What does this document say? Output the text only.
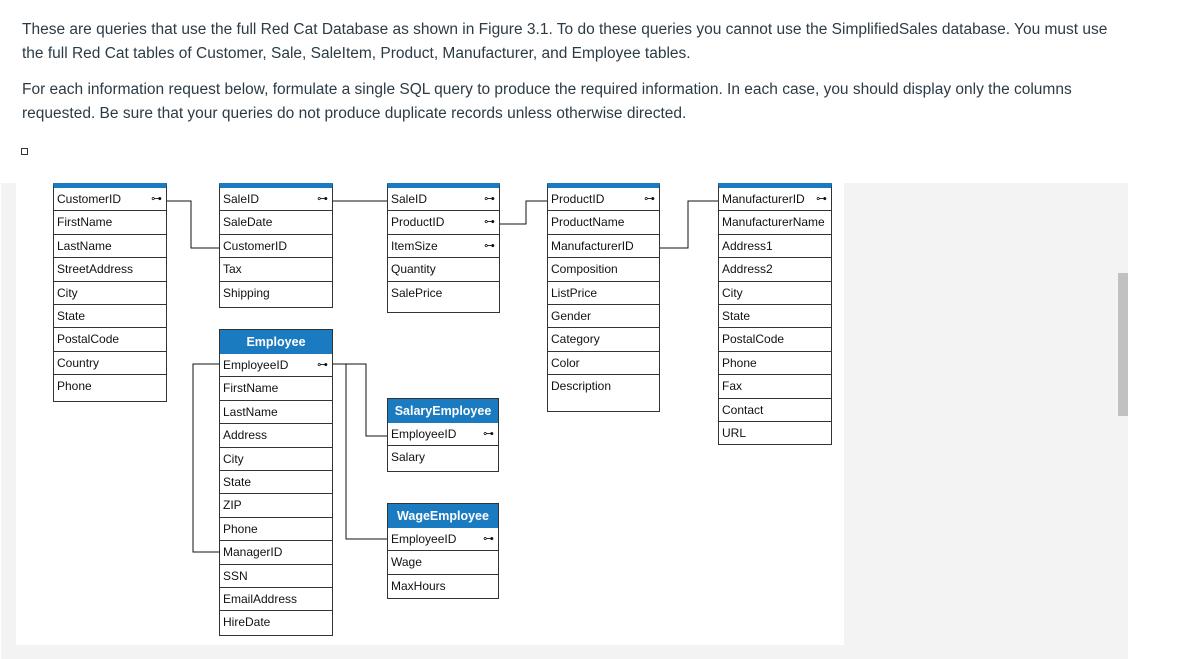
These are queries that use the full Red Cat Database as shown in Figure 3.1. To do these queries you cannot use the SimplifiedSales database. You must use the full Red Cat tables of Customer, Sale, SaleItem, Product, Manufacturer, and Employee tables.

For each information request below, formulate a single SQL query to produce the required information. In each case, you should display only the columns requested. Be sure that your queries do not produce duplicate records unless otherwise directed.

CustomerID	⊶
FirstName
LastName
StreetAddress
City
State
PostalCode
Country
Phone
SaleID	⊶
SaleDate
CustomerID
Tax
Shipping
SaleID	⊶
ProductID	⊶
ItemSize	⊶
Quantity
SalePrice
ProductID	⊶
ProductName
ManufacturerID
Composition
ListPrice
Gender
Category
Color
Description
ManufacturerID ⊶
ManufacturerName
Address1
Address2
City
State
PostalCode
Phone
Fax
Contact
URL
Employee
EmployeeID	⊶
FirstName
LastName
Address
City
State
ZIP
Phone
ManagerID
SSN
EmailAddress
HireDate
SalaryEmployee
EmployeeID ⊶
Salary
WageEmployee
EmployeeID ⊶
Wage
MaxHours
